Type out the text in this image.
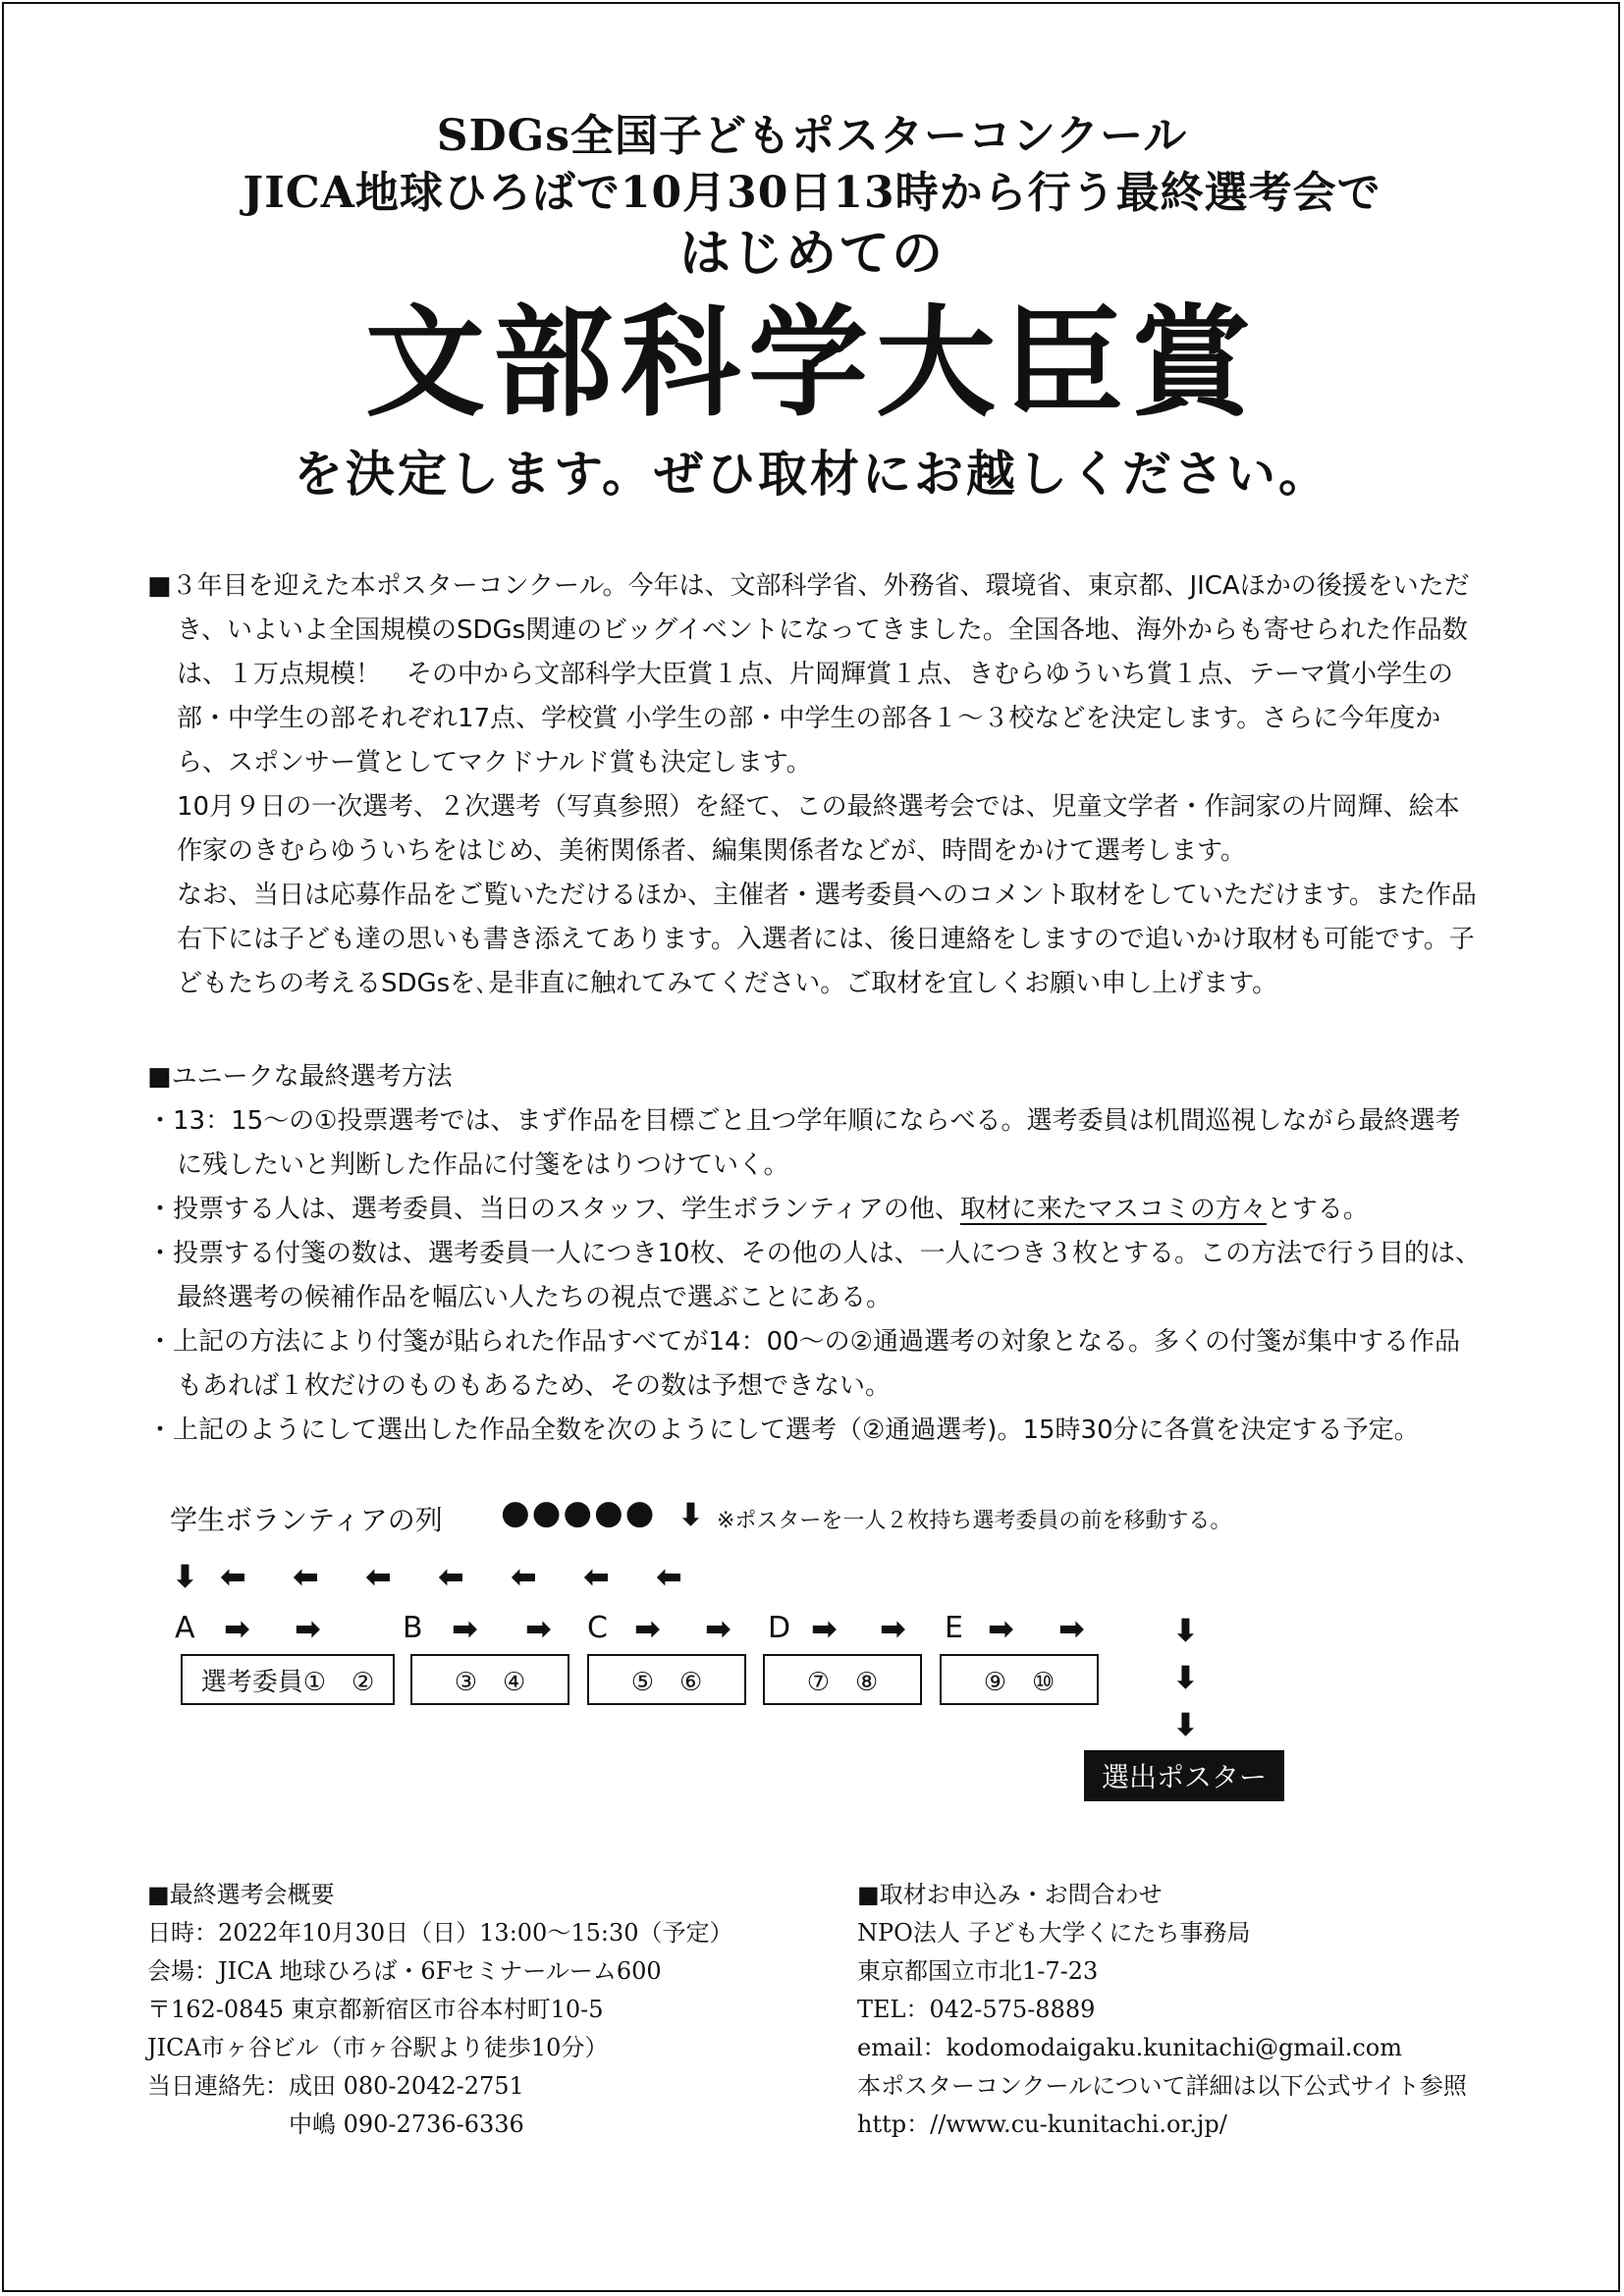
SDGs全国子どもポスターコンクール
JICA地球ひろばで10月30日13時から行う最終選考会で
はじめての
文部科学大臣賞
を決定します。ぜひ取材にお越しください。

■３年目を迎えた本ポスターコンクール。今年は、文部科学省、外務省、環境省、東京都、JICAほかの後援をいただき、いよいよ全国規模のSDGs関連のビッグイベントになってきました。全国各地、海外からも寄せられた作品数は、１万点規模！　その中から文部科学大臣賞１点、片岡輝賞１点、きむらゆういち賞１点、テーマ賞小学生の部・中学生の部それぞれ17点、学校賞 小学生の部・中学生の部各１～３校などを決定します。さらに今年度から、スポンサー賞としてマクドナルド賞も決定します。

10月９日の一次選考、２次選考（写真参照）を経て、この最終選考会では、児童文学者・作詞家の片岡輝、絵本作家のきむらゆういちをはじめ、美術関係者、編集関係者などが、時間をかけて選考します。

なお、当日は応募作品をご覧いただけるほか、主催者・選考委員へのコメント取材をしていただけます。また作品右下には子ども達の思いも書き添えてあります。入選者には、後日連絡をしますので追いかけ取材も可能です。子どもたちの考えるSDGsを､是非直に触れてみてください。ご取材を宜しくお願い申し上げます。

■ユニークな最終選考方法

・13：15～の①投票選考では、まず作品を目標ごと且つ学年順にならべる。選考委員は机間巡視しながら最終選考に残したいと判断した作品に付箋をはりつけていく。

・投票する人は、選考委員、当日のスタッフ、学生ボランティアの他、取材に来たマスコミの方々とする。

・投票する付箋の数は、選考委員一人につき10枚、その他の人は、一人につき３枚とする。この方法で行う目的は、最終選考の候補作品を幅広い人たちの視点で選ぶことにある。

・上記の方法により付箋が貼られた作品すべてが14：00～の②通過選考の対象となる。多くの付箋が集中する作品もあれば１枚だけのものもあるため、その数は予想できない。

・上記のようにして選出した作品全数を次のようにして選考（②通過選考)。15時30分に各賞を決定する予定。

学生ボランティアの列 ●●●●● ⬇ ※ポスターを一人２枚持ち選考委員の前を移動する。
⬇ ⬅ ⬅ ⬅ ⬅ ⬅ ⬅ ⬅
A ➡ ➡	B ➡ ➡ C ➡ ➡ D ➡ ➡ E ➡ ➡	⬇
⬇
⬇
選考委員①　②	③　④	⑤　⑥	⑦　⑧	⑨　⑩
選出ポスター

■最終選考会概要

日時：2022年10月30日（日）13:00～15:30（予定）

会場：JICA 地球ひろば・6Fセミナールーム600

〒162-0845 東京都新宿区市谷本村町10-5

JICA市ヶ谷ビル（市ヶ谷駅より徒歩10分）

当日連絡先：成田 080-2042-2751

　　　　　　中嶋 090-2736-6336

■取材お申込み・お問合わせ

NPO法人 子ども大学くにたち事務局

東京都国立市北1-7-23

TEL：042-575-8889

email：kodomodaigaku.kunitachi@gmail.com

本ポスターコンクールについて詳細は以下公式サイト参照

http：//www.cu-kunitachi.or.jp/
